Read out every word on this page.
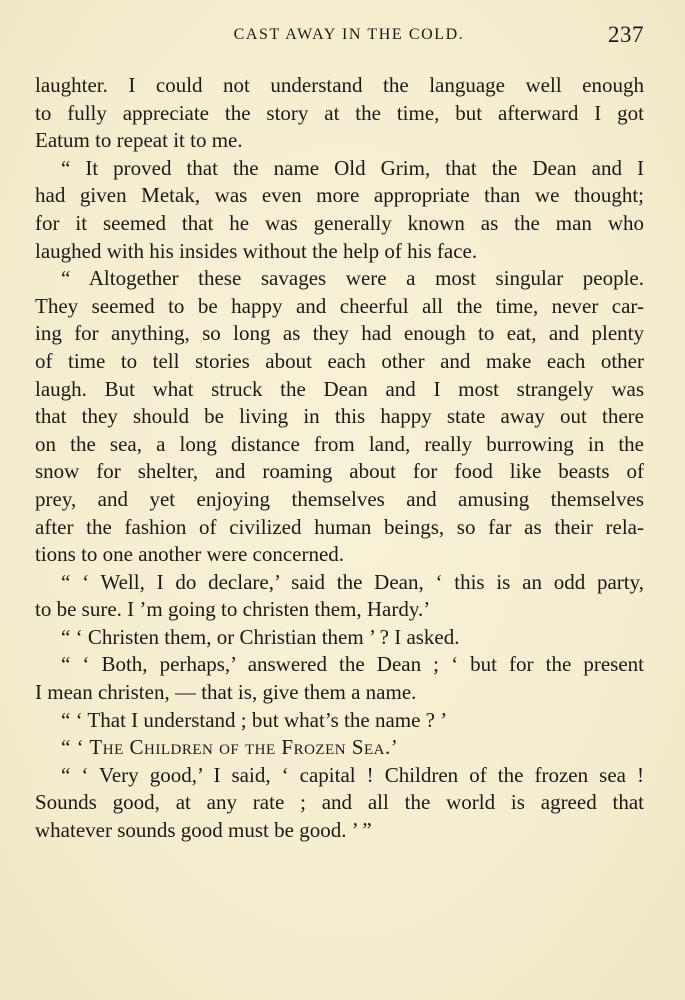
CAST AWAY IN THE COLD.	237
laughter. I could not understand the language well enough
to fully appreciate the story at the time, but afterward I got
Eatum to repeat it to me.
“ It proved that the name Old Grim, that the Dean and I
had given Metak, was even more appropriate than we thought;
for it seemed that he was generally known as the man who
laughed with his insides without the help of his face.
“ Altogether these savages were a most singular people.
They seemed to be happy and cheerful all the time, never car-
ing for anything, so long as they had enough to eat, and plenty
of time to tell stories about each other and make each other
laugh. But what struck the Dean and I most strangely was
that they should be living in this happy state away out there
on the sea, a long distance from land, really burrowing in the
snow for shelter, and roaming about for food like beasts of
prey, and yet enjoying themselves and amusing themselves
after the fashion of civilized human beings, so far as their rela-
tions to one another were concerned.
“ ‘ Well, I do declare,’ said the Dean, ‘ this is an odd party,
to be sure. I ’m going to christen them, Hardy.’
“ ‘ Christen them, or Christian them ’ ? I asked.
“ ‘ Both, perhaps,’ answered the Dean ; ‘ but for the present
I mean christen, — that is, give them a name.
“ ‘ That I understand ; but what’s the name ? ’
“ ‘ The Children of the Frozen Sea.’
“ ‘ Very good,’ I said, ‘ capital ! Children of the frozen sea !
Sounds good, at any rate ; and all the world is agreed that
whatever sounds good must be good. ’ ”
